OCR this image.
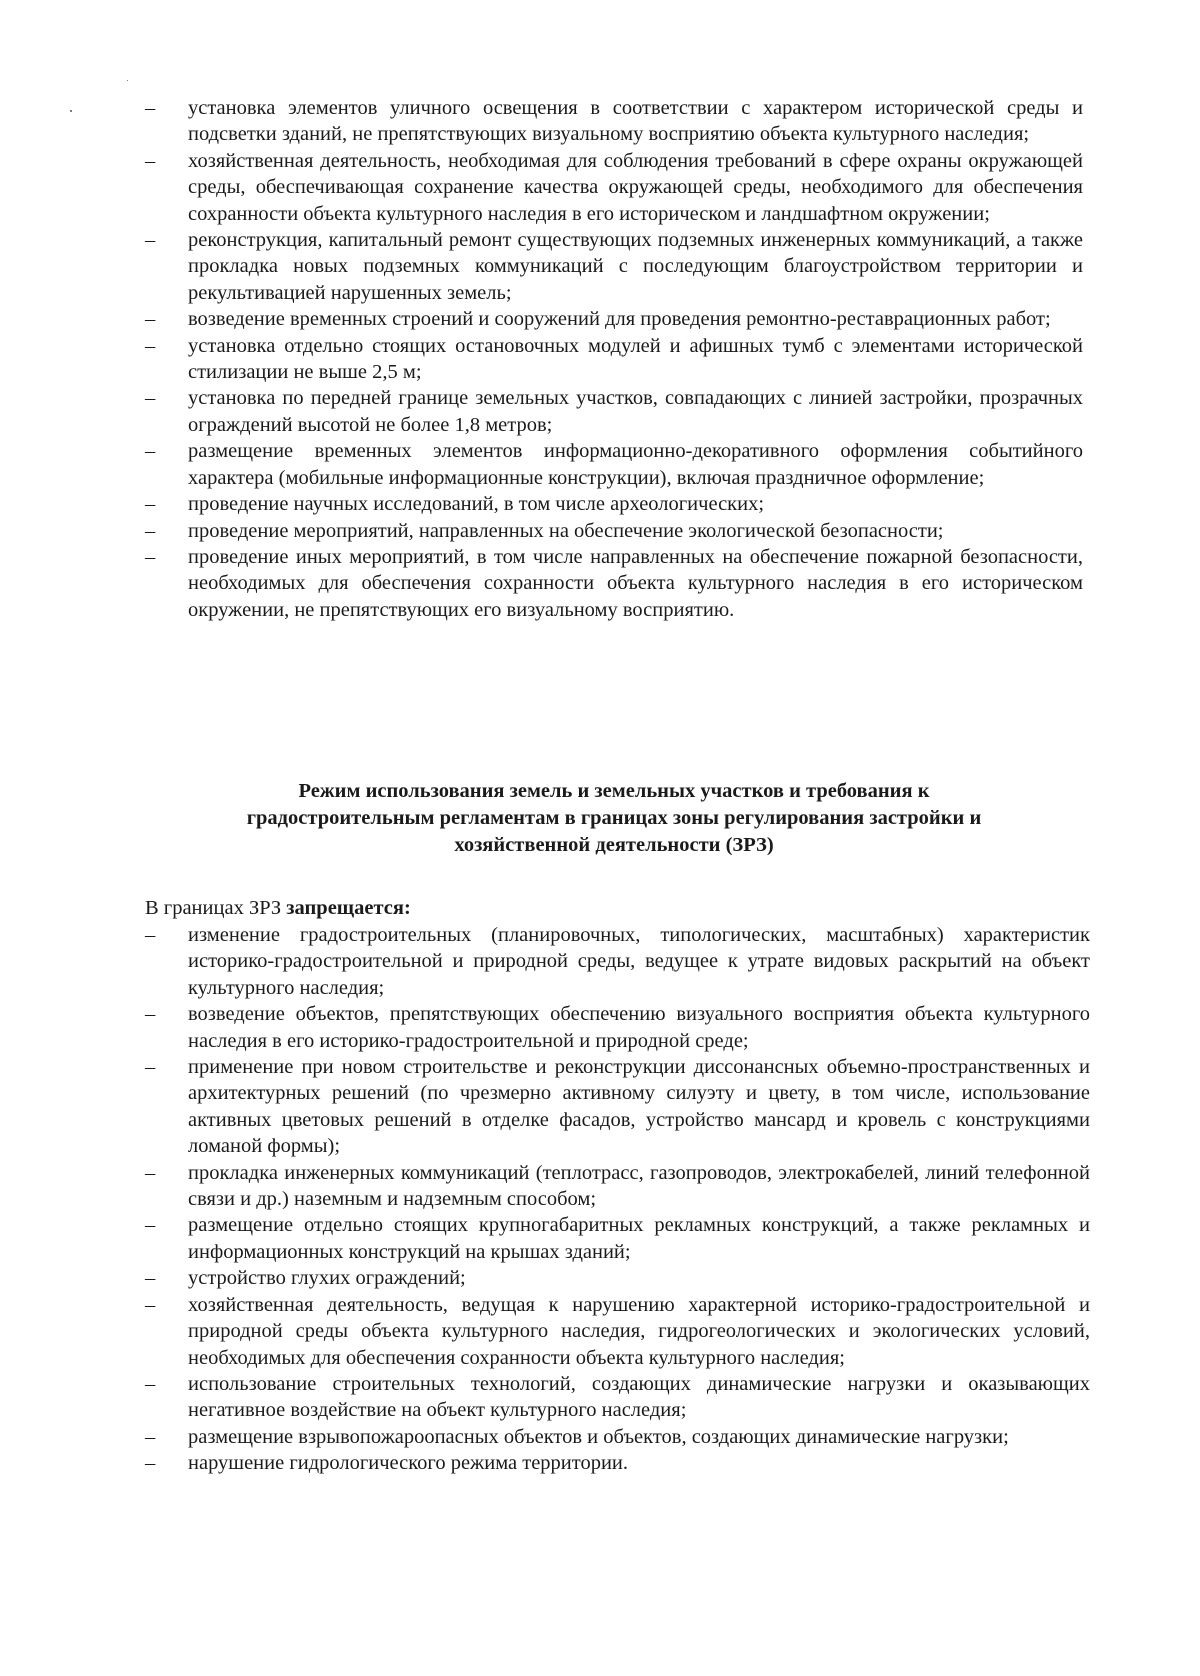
–	установка элементов уличного освещения в соответствии с характером исторической среды и подсветки зданий, не препятствующих визуальному восприятию объекта культурного наследия;
–	хозяйственная деятельность, необходимая для соблюдения требований в сфере охраны окружающей среды, обеспечивающая сохранение качества окружающей среды, необходимого для обеспечения сохранности объекта культурного наследия в его историческом и ландшафтном окружении;
–	реконструкция, капитальный ремонт существующих подземных инженерных коммуникаций, а также прокладка новых подземных коммуникаций с последующим благоустройством территории и рекультивацией нарушенных земель;
–	возведение временных строений и сооружений для проведения ремонтно-реставрационных работ;
–	установка отдельно стоящих остановочных модулей и афишных тумб с элементами исторической стилизации не выше 2,5 м;
–	установка по передней границе земельных участков, совпадающих с линией застройки, прозрачных ограждений высотой не более 1,8 метров;
–	размещение временных элементов информационно-декоративного оформления событийного характера (мобильные информационные конструкции), включая праздничное оформление;
–	проведение научных исследований, в том числе археологических;
–	проведение мероприятий, направленных на обеспечение экологической безопасности;
–	проведение иных мероприятий, в том числе направленных на обеспечение пожарной безопасности, необходимых для обеспечения сохранности объекта культурного наследия в его историческом окружении, не препятствующих его визуальному восприятию.
Режим использования земель и земельных участков и требования к
градостроительным регламентам в границах зоны регулирования застройки и
хозяйственной деятельности (ЗРЗ)

В границах ЗРЗ запрещается:

–	изменение градостроительных (планировочных, типологических, масштабных) характеристик историко-градостроительной и природной среды, ведущее к утрате видовых раскрытий на объект культурного наследия;
–	возведение объектов, препятствующих обеспечению визуального восприятия объекта культурного наследия в его историко-градостроительной и природной среде;
–	применение при новом строительстве и реконструкции диссонансных объемно-пространственных и архитектурных решений (по чрезмерно активному силуэту и цвету, в том числе, использование активных цветовых решений в отделке фасадов, устройство мансард и кровель с конструкциями ломаной формы);
–	прокладка инженерных коммуникаций (теплотрасс, газопроводов, электрокабелей, линий телефонной связи и др.) наземным и надземным способом;
–	размещение отдельно стоящих крупногабаритных рекламных конструкций, а также рекламных и информационных конструкций на крышах зданий;
–	устройство глухих ограждений;
–	хозяйственная деятельность, ведущая к нарушению характерной историко-градостроительной и природной среды объекта культурного наследия, гидрогеологических и экологических условий, необходимых для обеспечения сохранности объекта культурного наследия;
–	использование строительных технологий, создающих динамические нагрузки и оказывающих негативное воздействие на объект культурного наследия;
–	размещение взрывопожароопасных объектов и объектов, создающих динамические нагрузки;
–	нарушение гидрологического режима территории.
